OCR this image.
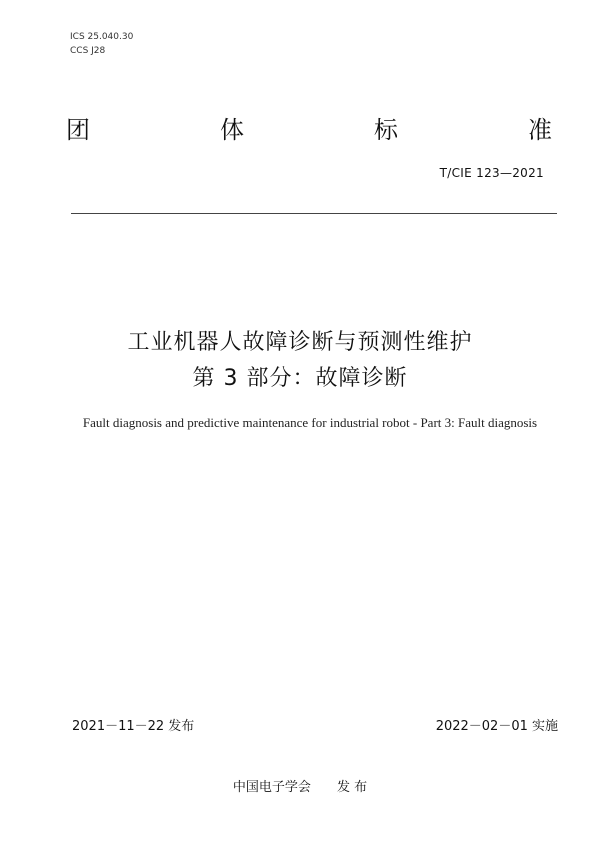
ICS 25.040.30
CCS J28
团	体	标	准
T/CIE 123—2021
工业机器人故障诊断与预测性维护
第 3 部分：故障诊断
Fault diagnosis and predictive maintenance for industrial robot - Part 3: Fault diagnosis
2021－11－22 发布	2022－02－01 实施
中国电子学会 发 布
